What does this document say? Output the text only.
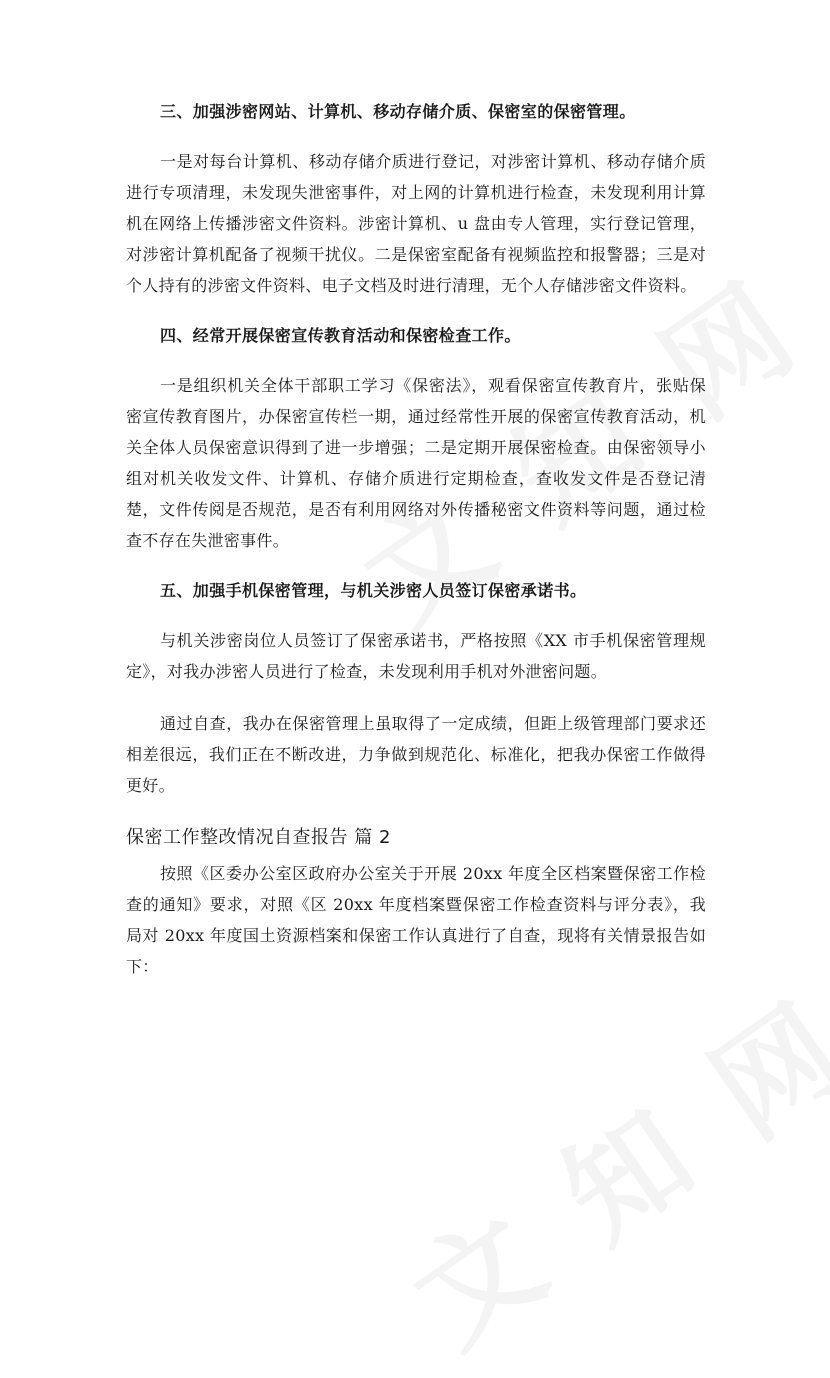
三、加强涉密网站、计算机、移动存储介质、保密室的保密管理。

一是对每台计算机、移动存储介质进行登记，对涉密计算机、移动存储介质进行专项清理，未发现失泄密事件，对上网的计算机进行检查，未发现利用计算机在网络上传播涉密文件资料。涉密计算机、u 盘由专人管理，实行登记管理，对涉密计算机配备了视频干扰仪。二是保密室配备有视频监控和报警器；三是对个人持有的涉密文件资料、电子文档及时进行清理，无个人存储涉密文件资料。

四、经常开展保密宣传教育活动和保密检查工作。

一是组织机关全体干部职工学习《保密法》，观看保密宣传教育片，张贴保密宣传教育图片，办保密宣传栏一期，通过经常性开展的保密宣传教育活动，机关全体人员保密意识得到了进一步增强；二是定期开展保密检查。由保密领导小组对机关收发文件、计算机、存储介质进行定期检查，查收发文件是否登记清楚，文件传阅是否规范，是否有利用网络对外传播秘密文件资料等问题，通过检查不存在失泄密事件。

五、加强手机保密管理，与机关涉密人员签订保密承诺书。

与机关涉密岗位人员签订了保密承诺书，严格按照《XX 市手机保密管理规定》，对我办涉密人员进行了检查，未发现利用手机对外泄密问题。

通过自查，我办在保密管理上虽取得了一定成绩，但距上级管理部门要求还相差很远，我们正在不断改进，力争做到规范化、标准化，把我办保密工作做得更好。

保密工作整改情况自查报告 篇 2

按照《区委办公室区政府办公室关于开展 20xx 年度全区档案暨保密工作检查的通知》要求，对照《区 20xx 年度档案暨保密工作检查资料与评分表》，我局对 20xx 年度国土资源档案和保密工作认真进行了自查，现将有关情景报告如下：
